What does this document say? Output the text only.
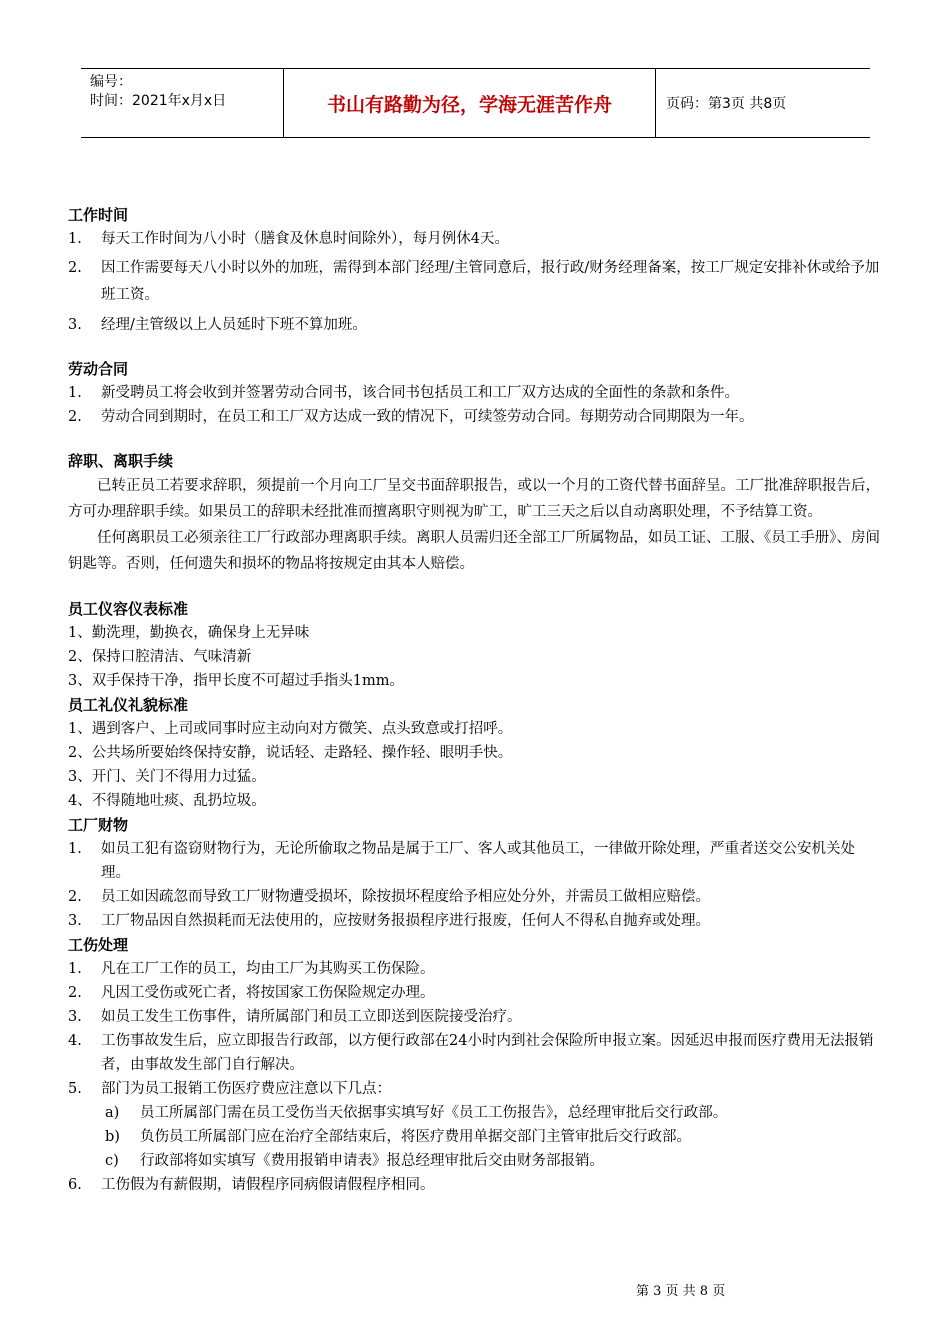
编号：
时间：2021年x月x日	书山有路勤为径，学海无涯苦作舟	页码：第3页 共8页

工作时间

1. 每天工作时间为八小时（膳食及休息时间除外），每月例休4天。

2. 因工作需要每天八小时以外的加班，需得到本部门经理/主管同意后，报行政/财务经理备案，按工厂规定安排补休或给予加班工资。

3. 经理/主管级以上人员延时下班不算加班。

劳动合同

1. 新受聘员工将会收到并签署劳动合同书，该合同书包括员工和工厂双方达成的全面性的条款和条件。

2. 劳动合同到期时，在员工和工厂双方达成一致的情况下，可续签劳动合同。每期劳动合同期限为一年。

辞职、离职手续

已转正员工若要求辞职，须提前一个月向工厂呈交书面辞职报告，或以一个月的工资代替书面辞呈。工厂批准辞职报告后，方可办理辞职手续。如果员工的辞职未经批准而擅离职守则视为旷工，旷工三天之后以自动离职处理，不予结算工资。

任何离职员工必须亲往工厂行政部办理离职手续。离职人员需归还全部工厂所属物品，如员工证、工服、《员工手册》、房间钥匙等。否则，任何遗失和损坏的物品将按规定由其本人赔偿。

员工仪容仪表标准

1、勤洗理，勤换衣，确保身上无异味

2、保持口腔清洁、气味清新

3、双手保持干净，指甲长度不可超过手指头1mm。

员工礼仪礼貌标准

1、遇到客户、上司或同事时应主动向对方微笑、点头致意或打招呼。

2、公共场所要始终保持安静，说话轻、走路轻、操作轻、眼明手快。

3、开门、关门不得用力过猛。

4、不得随地吐痰、乱扔垃圾。

工厂财物

1. 如员工犯有盗窃财物行为，无论所偷取之物品是属于工厂、客人或其他员工，一律做开除处理，严重者送交公安机关处理。

2. 员工如因疏忽而导致工厂财物遭受损坏，除按损坏程度给予相应处分外，并需员工做相应赔偿。

3. 工厂物品因自然损耗而无法使用的，应按财务报损程序进行报废，任何人不得私自抛弃或处理。

工伤处理

1. 凡在工厂工作的员工，均由工厂为其购买工伤保险。

2. 凡因工受伤或死亡者，将按国家工伤保险规定办理。

3. 如员工发生工伤事件，请所属部门和员工立即送到医院接受治疗。

4. 工伤事故发生后，应立即报告行政部，以方便行政部在24小时内到社会保险所申报立案。因延迟申报而医疗费用无法报销者，由事故发生部门自行解决。

5. 部门为员工报销工伤医疗费应注意以下几点：

a) 员工所属部门需在员工受伤当天依据事实填写好《员工工伤报告》，总经理审批后交行政部。

b) 负伤员工所属部门应在治疗全部结束后，将医疗费用单据交部门主管审批后交行政部。

c) 行政部将如实填写《费用报销申请表》报总经理审批后交由财务部报销。

6. 工伤假为有薪假期，请假程序同病假请假程序相同。

第 3 页 共 8 页
